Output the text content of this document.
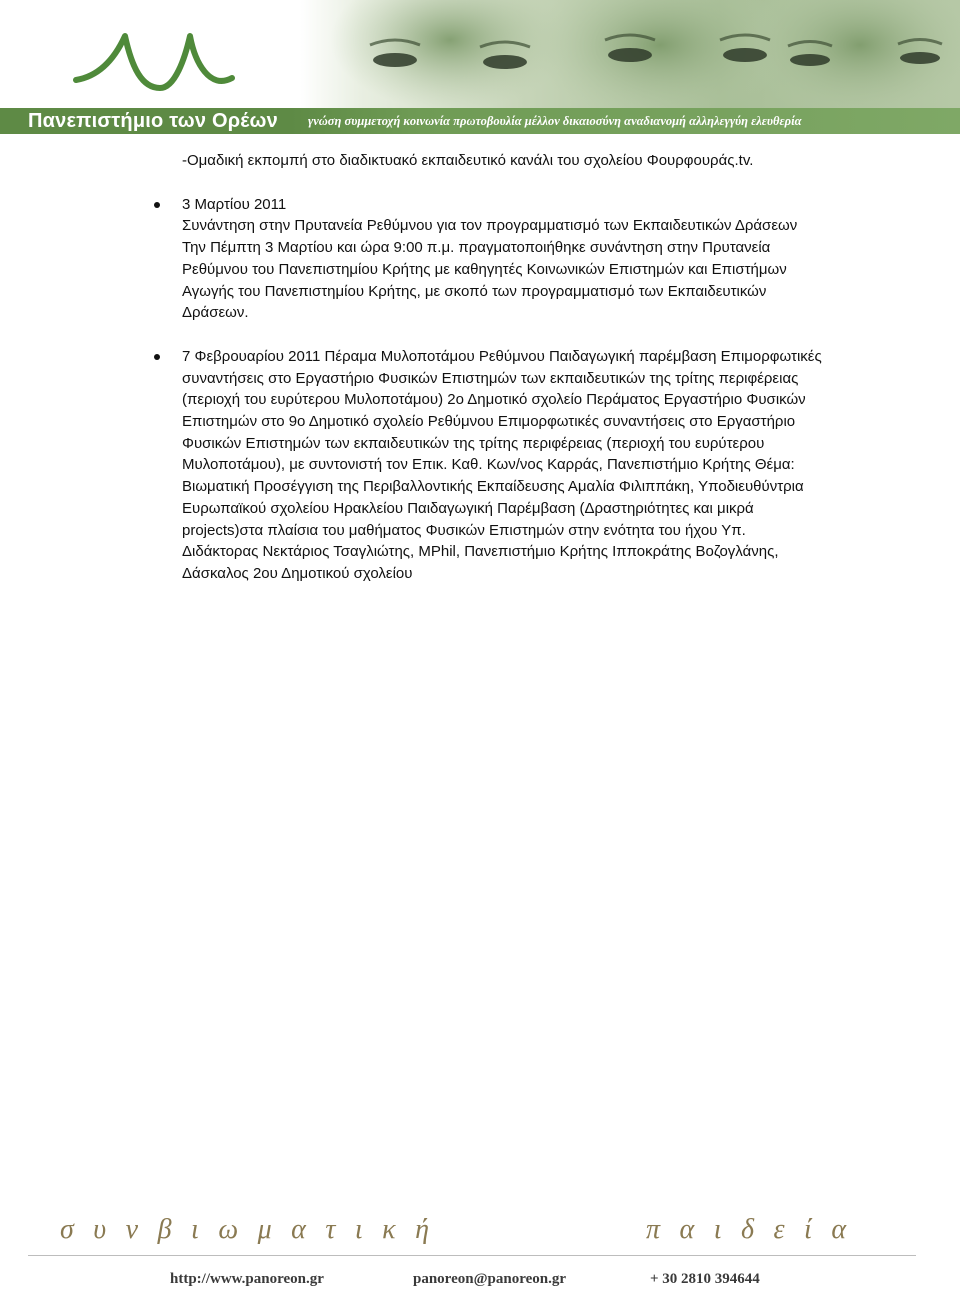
Πανεπιστήμιο των Ορέων γνώση συμμετοχή κοινωνία πρωτοβουλία μέλλον δικαιοσύνη αναδιανομή αλληλεγγύη ελευθερία

-Ομαδική εκπομπή στο διαδικτυακό εκπαιδευτικό κανάλι του σχολείου Φουρφουράς.tv.

3 Μαρτίου 2011

Συνάντηση στην Πρυτανεία Ρεθύμνου για τον προγραμματισμό των Εκπαιδευτικών Δράσεων

Την Πέμπτη 3 Μαρτίου και ώρα 9:00 π.μ. πραγματοποιήθηκε συνάντηση στην Πρυτανεία Ρεθύμνου του Πανεπιστημίου Κρήτης με καθηγητές Κοινωνικών Επιστημών και Επιστήμων Αγωγής του Πανεπιστημίου Κρήτης, με σκοπό των προγραμματισμό των Εκπαιδευτικών Δράσεων.

7 Φεβρουαρίου 2011 Πέραμα Μυλοποτάμου Ρεθύμνου Παιδαγωγική παρέμβαση Επιμορφωτικές συναντήσεις στο Εργαστήριο Φυσικών Επιστημών των εκπαιδευτικών της τρίτης περιφέρειας (περιοχή του ευρύτερου Μυλοποτάμου) 2ο Δημοτικό σχολείο Περάματος Εργαστήριο Φυσικών Επιστημών στο 9ο Δημοτικό σχολείο Ρεθύμνου Επιμορφωτικές συναντήσεις στο Εργαστήριο Φυσικών Επιστημών των εκπαιδευτικών της τρίτης περιφέρειας (περιοχή του ευρύτερου Μυλοποτάμου), με συντονιστή τον Επικ. Καθ. Κων/νος Καρράς, Πανεπιστήμιο Κρήτης Θέμα: Βιωματική Προσέγγιση της Περιβαλλοντικής Εκπαίδευσης Αμαλία Φιλιππάκη, Υποδιευθύντρια Ευρωπαϊκού σχολείου Ηρακλείου Παιδαγωγική Παρέμβαση (Δραστηριότητες και μικρά projects)στα πλαίσια του μαθήματος Φυσικών Επιστημών στην ενότητα του ήχου Υπ. Διδάκτορας Νεκτάριος Τσαγλιώτης, MPhil, Πανεπιστήμιο Κρήτης Ιπποκράτης Βοζογλάνης, Δάσκαλος 2ου Δημοτικού σχολείου

συνβιωματική	παιδεία
http://www.panoreon.gr	panoreon@panoreon.gr	+ 30 2810 394644
